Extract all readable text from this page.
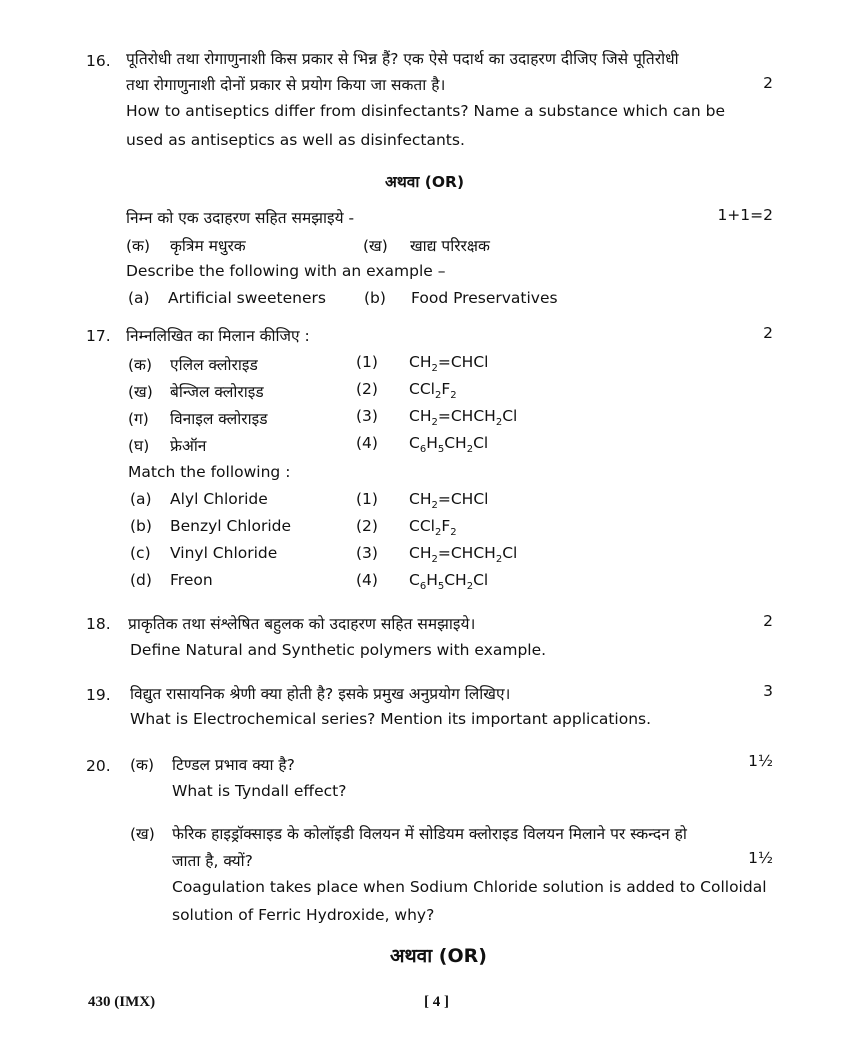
16. पूतिरोधी तथा रोगाणुनाशी किस प्रकार से भिन्न हैं? एक ऐसे पदार्थ का उदाहरण दीजिए जिसे पूतिरोधी
तथा रोगाणुनाशी दोनों प्रकार से प्रयोग किया जा सकता है।	2
How to antiseptics differ from disinfectants? Name a substance which can be
used as antiseptics as well as disinfectants.
अथवा (OR)
निम्न को एक उदाहरण सहित समझाइये -	1+1=2
(क) कृत्रिम मधुरक	(ख) खाद्य परिरक्षक
Describe the following with an example –
(a) Artificial sweeteners (b) Food Preservatives
17. निम्नलिखित का मिलान कीजिए :	2
(क) एलिल क्लोराइड	(1) $CH_2=CHCl$
(ख) बेन्जिल क्लोराइड	(2) $CCl_2F_2$
(ग) विनाइल क्लोराइड	(3) $CH_2=CHCH_2Cl$
(घ) फ्रेऑन	(4) $C_6H_5CH_2Cl$
Match the following :
(a) Alyl Chloride	(1) $CH_2=CHCl$
(b) Benzyl Chloride	(2) $CCl_2F_2$
(c) Vinyl Chloride	(3) $CH_2=CHCH_2Cl$
(d) Freon	(4) $C_6H_5CH_2Cl$
18. प्राकृतिक तथा संश्लेषित बहुलक को उदाहरण सहित समझाइये।	2
Define Natural and Synthetic polymers with example.
19. विद्युत रासायनिक श्रेणी क्या होती है? इसके प्रमुख अनुप्रयोग लिखिए।	3
What is Electrochemical series? Mention its important applications.
20. (क) टिण्डल प्रभाव क्या है?	1½
What is Tyndall effect?
(ख) फेरिक हाइड्रॉक्साइड के कोलॉइडी विलयन में सोडियम क्लोराइड विलयन मिलाने पर स्कन्दन हो
जाता है, क्यों?	1½
Coagulation takes place when Sodium Chloride solution is added to Colloidal
solution of Ferric Hydroxide, why?
अथवा (OR)
430 (IMX)	[ 4 ]
